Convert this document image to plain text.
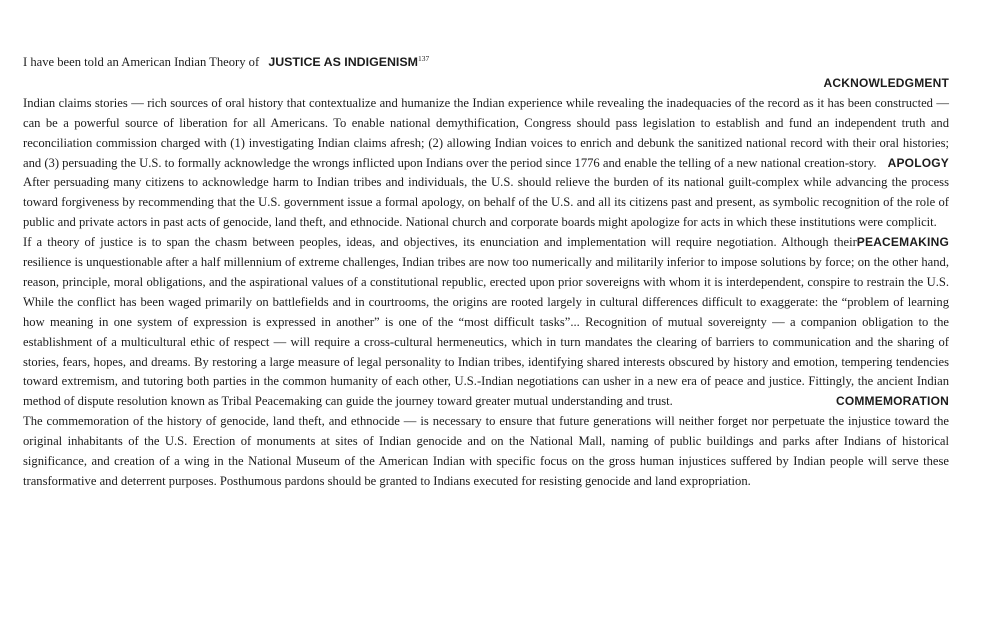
I have been told an American Indian Theory of JUSTICE AS INDIGENISM$^{137}$

ACKNOWLEDGMENT

Indian claims stories — rich sources of oral history that contextualize and humanize the Indian experience while revealing the inadequacies of the record as it has been constructed — can be a powerful source of liberation for all Americans. To enable national demythification, Congress should pass legislation to establish and fund an independent truth and reconciliation commission charged with (1) investigating Indian claims afresh; (2) allowing Indian voices to enrich and debunk the sanitized national record with their oral histories; and (3) persuading the U.S. to formally acknowledge the wrongs inflicted upon Indians over the period since 1776 and enable the telling of a new national creation-story. APOLOGY

After persuading many citizens to acknowledge harm to Indian tribes and individuals, the U.S. should relieve the burden of its national guilt-complex while advancing the process toward forgiveness by recommending that the U.S. government issue a formal apology, on behalf of the U.S. and all its citizens past and present, as symbolic recognition of the role of public and private actors in past acts of genocide, land theft, and ethnocide. National church and corporate boards might apologize for acts in which these institutions were complicit.
PEACEMAKING

If a theory of justice is to span the chasm between peoples, ideas, and objectives, its enunciation and implementation will require negotiation. Although their resilience is unquestionable after a half millennium of extreme challenges, Indian tribes are now too numerically and militarily inferior to impose solutions by force; on the other hand, reason, principle, moral obligations, and the aspirational values of a constitutional republic, erected upon prior sovereigns with whom it is interdependent, conspire to restrain the U.S. While the conflict has been waged primarily on battlefields and in courtrooms, the origins are rooted largely in cultural differences difficult to exaggerate: the “problem of learning how meaning in one system of expression is expressed in another” is one of the “most difficult tasks”... Recognition of mutual sovereignty — a companion obligation to the establishment of a multicultural ethic of respect — will require a cross-cultural hermeneutics, which in turn mandates the clearing of barriers to communication and the sharing of stories, fears, hopes, and dreams. By restoring a large measure of legal personality to Indian tribes, identifying shared interests obscured by history and emotion, tempering tendencies toward extremism, and tutoring both parties in the common humanity of each other, U.S.-Indian negotiations can usher in a new era of peace and justice. Fittingly, the ancient Indian method of dispute resolution known as Tribal Peacemaking can guide the journey toward greater mutual understanding and trust.	COMMEMORATION

The commemoration of the history of genocide, land theft, and ethnocide — is necessary to ensure that future generations will neither forget nor perpetuate the injustice toward the original inhabitants of the U.S. Erection of monuments at sites of Indian genocide and on the National Mall, naming of public buildings and parks after Indians of historical significance, and creation of a wing in the National Museum of the American Indian with specific focus on the gross human injustices suffered by Indian people will serve these transformative and deterrent purposes. Posthumous pardons should be granted to Indians executed for resisting genocide and land expropriation.
